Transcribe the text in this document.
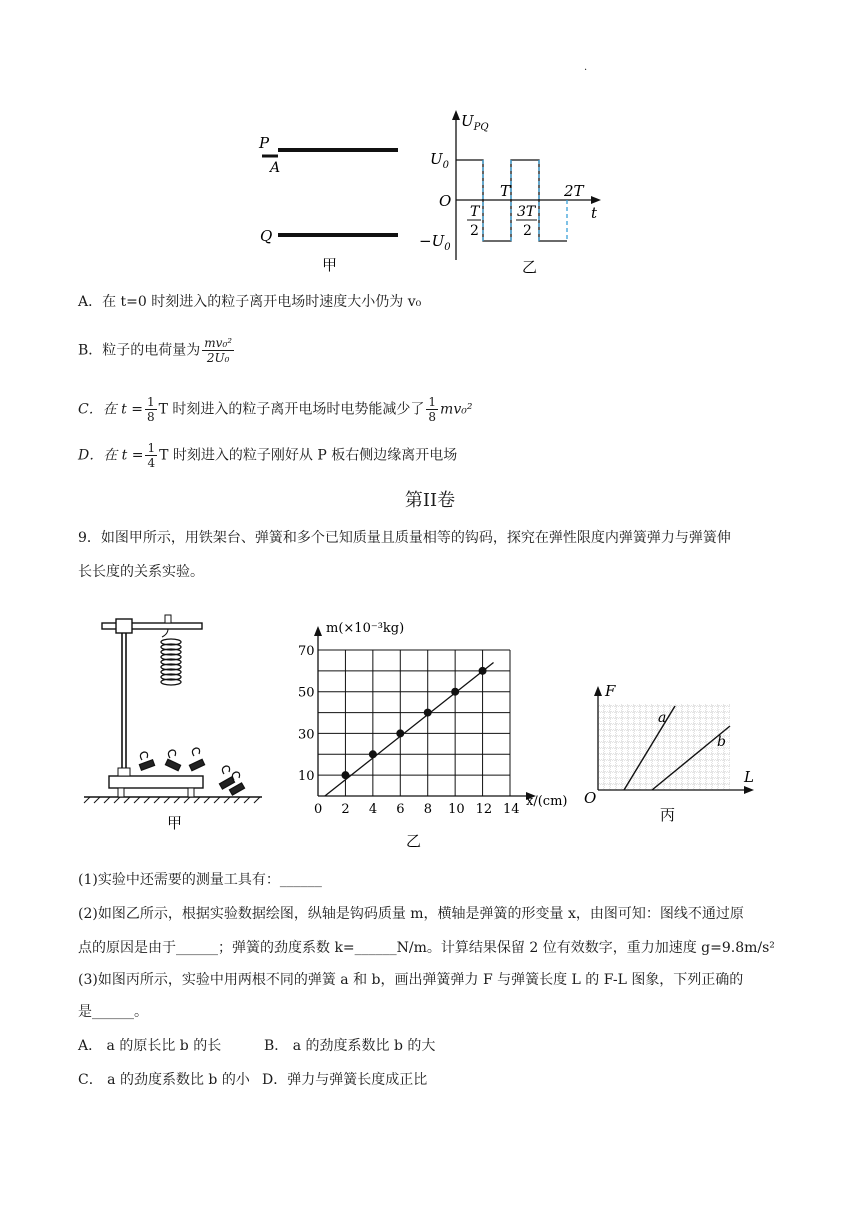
.
P
A
Q
甲
$U_{PQ}$
$U_0$
$-U_0$
O
t
T	2T
T
2
3T
2
乙
A．在 t=0 时刻进入的粒子离开电场时速度大小仍为 v₀
B．粒子的电荷量为 $\frac{\text{mv₀²}}{\text{2U₀}}$
C．在 $t = \frac{1}{8}$ T 时刻进入的粒子离开电场时电势能减少了 $\frac{1}{8} mv_0^2$
D．在 $t = \frac{1}{4}$ T 时刻进入的粒子刚好从 P 板右侧边缘离开电场
第II卷
9．如图甲所示，用铁架台、弹簧和多个已知质量且质量相等的钩码，探究在弹性限度内弹簧弹力与弹簧伸
长长度的关系实验。
甲
0 2 4 6 8 10 12 14
10
30
50
70
m(×10⁻³kg)
x/(cm)
乙
F
L
O
a
b
丙
(1)实验中还需要的测量工具有：______
(2)如图乙所示，根据实验数据绘图，纵轴是钩码质量 m，横轴是弹簧的形变量 x，由图可知：图线不通过原
点的原因是由于______；弹簧的劲度系数 k=______N/m。计算结果保留 2 位有效数字，重力加速度 g=9.8m/s²
(3)如图丙所示，实验中用两根不同的弹簧 a 和 b，画出弹簧弹力 F 与弹簧长度 L 的 F-L 图象，下列正确的
是______。
A． a 的原长比 b 的长	B． a 的劲度系数比 b 的大
C． a 的劲度系数比 b 的小 D．弹力与弹簧长度成正比
